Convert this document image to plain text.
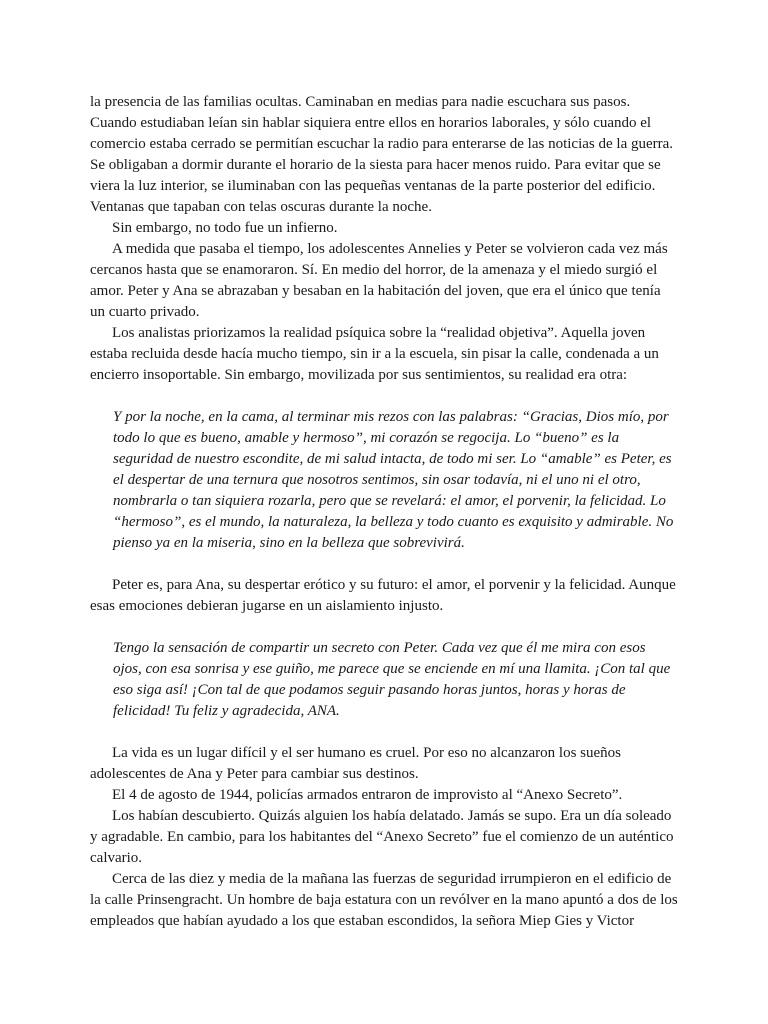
la presencia de las familias ocultas. Caminaban en medias para nadie escuchara sus pasos. Cuando estudiaban leían sin hablar siquiera entre ellos en horarios laborales, y sólo cuando el comercio estaba cerrado se permitían escuchar la radio para enterarse de las noticias de la guerra. Se obligaban a dormir durante el horario de la siesta para hacer menos ruido. Para evitar que se viera la luz interior, se iluminaban con las pequeñas ventanas de la parte posterior del edificio. Ventanas que tapaban con telas oscuras durante la noche.

Sin embargo, no todo fue un infierno.

A medida que pasaba el tiempo, los adolescentes Annelies y Peter se volvieron cada vez más cercanos hasta que se enamoraron. Sí. En medio del horror, de la amenaza y el miedo surgió el amor. Peter y Ana se abrazaban y besaban en la habitación del joven, que era el único que tenía un cuarto privado.

Los analistas priorizamos la realidad psíquica sobre la “realidad objetiva”. Aquella joven estaba recluida desde hacía mucho tiempo, sin ir a la escuela, sin pisar la calle, condenada a un encierro insoportable. Sin embargo, movilizada por sus sentimientos, su realidad era otra:

Y por la noche, en la cama, al terminar mis rezos con las palabras: “Gracias, Dios mío, por todo lo que es bueno, amable y hermoso”, mi corazón se regocija. Lo “bueno” es la seguridad de nuestro escondite, de mi salud intacta, de todo mi ser. Lo “amable” es Peter, es el despertar de una ternura que nosotros sentimos, sin osar todavía, ni el uno ni el otro, nombrarla o tan siquiera rozarla, pero que se revelará: el amor, el porvenir, la felicidad. Lo “hermoso”, es el mundo, la naturaleza, la belleza y todo cuanto es exquisito y admirable. No pienso ya en la miseria, sino en la belleza que sobrevivirá.

Peter es, para Ana, su despertar erótico y su futuro: el amor, el porvenir y la felicidad. Aunque esas emociones debieran jugarse en un aislamiento injusto.

Tengo la sensación de compartir un secreto con Peter. Cada vez que él me mira con esos ojos, con esa sonrisa y ese guiño, me parece que se enciende en mí una llamita. ¡Con tal que eso siga así! ¡Con tal de que podamos seguir pasando horas juntos, horas y horas de felicidad! Tu feliz y agradecida, ANA.

La vida es un lugar difícil y el ser humano es cruel. Por eso no alcanzaron los sueños adolescentes de Ana y Peter para cambiar sus destinos.

El 4 de agosto de 1944, policías armados entraron de improvisto al “Anexo Secreto”.

Los habían descubierto. Quizás alguien los había delatado. Jamás se supo. Era un día soleado y agradable. En cambio, para los habitantes del “Anexo Secreto” fue el comienzo de un auténtico calvario.

Cerca de las diez y media de la mañana las fuerzas de seguridad irrumpieron en el edificio de la calle Prinsengracht. Un hombre de baja estatura con un revólver en la mano apuntó a dos de los empleados que habían ayudado a los que estaban escondidos, la señora Miep Gies y Victor
